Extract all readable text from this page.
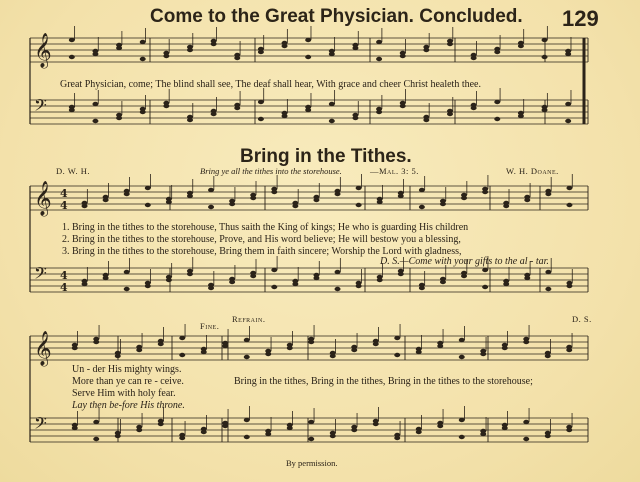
𝄞
𝄢
𝄞
𝄢
4
4
4
4
𝄞
𝄢
Come to the Great Physician. Concluded. 129
Great Physician, come; The blind shall see, The deaf shall hear, With grace and cheer Christ healeth thee.
Bring in the Tithes.
D. W. H.	Bring ye all the tithes into the storehouse.	—Mal. 3: 5.	W. H. Doane.
1. Bring in the tithes to the storehouse, Thus saith the King of kings; He who is guarding His children
2. Bring in the tithes to the storehouse, Prove, and His word believe; He will bestow you a blessing,
3. Bring in the tithes to the storehouse, Bring them in faith sincere; Worship the Lord with gladness,
D. S.—Come with your gifts to the al - tar.
Fine.
Refrain.	D. S.
Un - der His mighty wings.
More than ye can re - ceive.
Serve Him with holy fear.
Lay then be-fore His throne.
Bring in the tithes, Bring in the tithes, Bring in the tithes to the storehouse;
By permission.
